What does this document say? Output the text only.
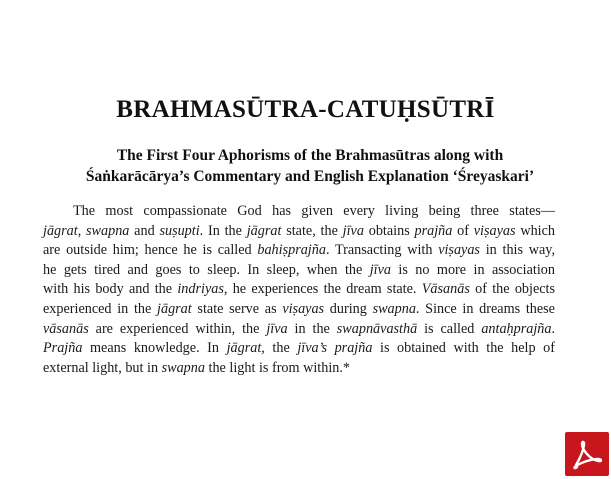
BRAHMASŪTRA-CATUḤSŪTRĪ
The First Four Aphorisms of the Brahmasūtras along with
Śaṅkarācārya’s Commentary and English Explanation ‘Śreyaskari’
The most compassionate God has given every living being three states—
jāgrat, swapna and suṣupti. In the jāgrat state, the jīva obtains prajña of viṣayas which
are outside him; hence he is called bahiṣprajña. Transacting with viṣayas in this way,
he gets tired and goes to sleep. In sleep, when the jīva is no more in association
with his body and the indriyas, he experiences the dream state. Vāsanās of the objects
experienced in the jāgrat state serve as viṣayas during swapna. Since in dreams these
vāsanās are experienced within, the jīva in the swapnāvasthā is called antaḥprajña.
Prajña means knowledge. In jāgrat, the jīva’s prajña is obtained with the help of
external light, but in swapna the light is from within.*
